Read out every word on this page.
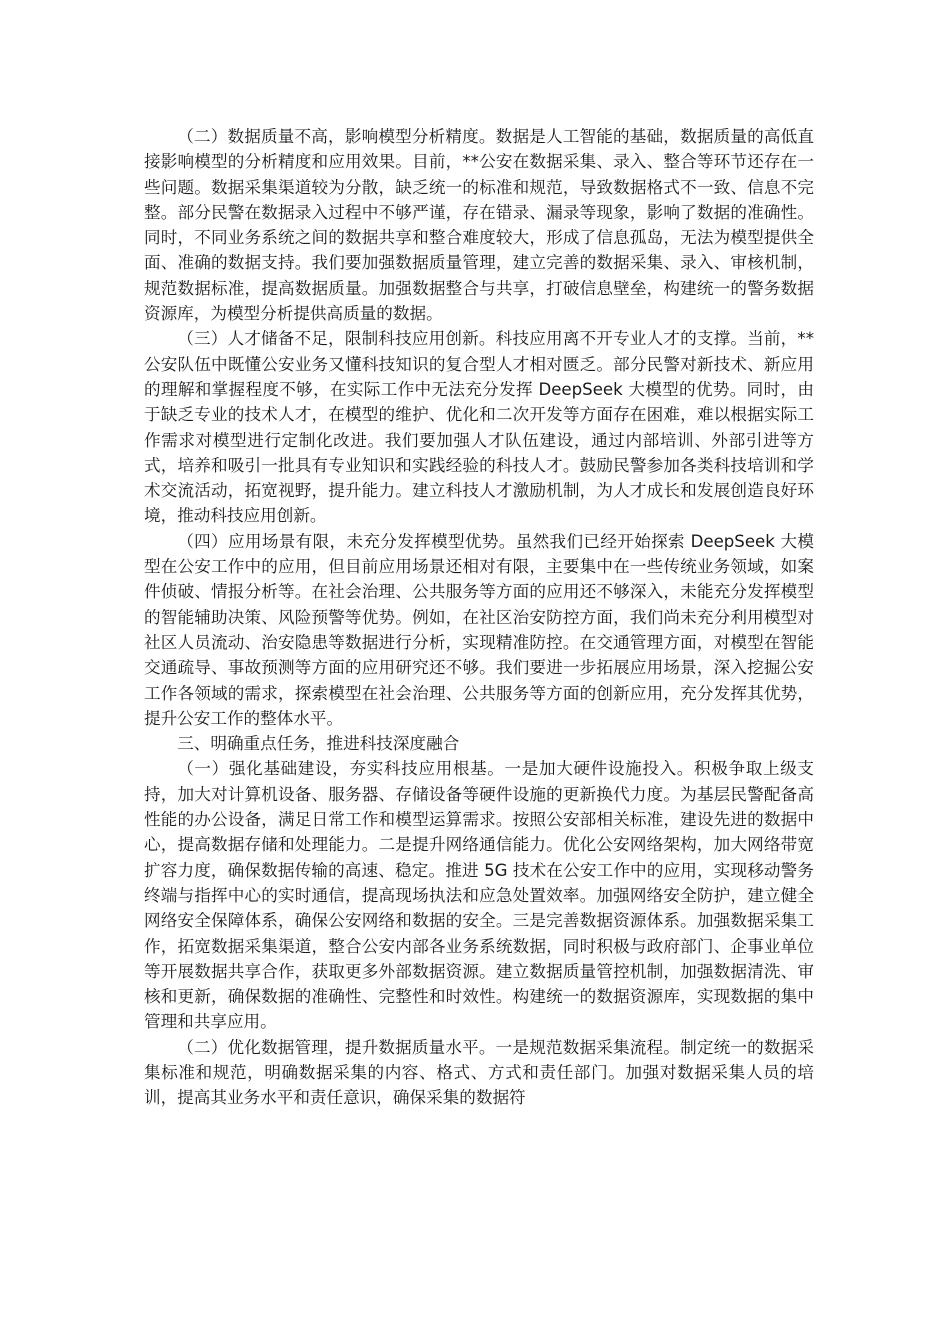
（二）数据质量不高，影响模型分析精度。数据是人工智能的基础，数据质量的高低直接影响模型的分析精度和应用效果。目前，**公安在数据采集、录入、整合等环节还存在一些问题。数据采集渠道较为分散，缺乏统一的标准和规范，导致数据格式不一致、信息不完整。部分民警在数据录入过程中不够严谨，存在错录、漏录等现象，影响了数据的准确性。同时，不同业务系统之间的数据共享和整合难度较大，形成了信息孤岛，无法为模型提供全面、准确的数据支持。我们要加强数据质量管理，建立完善的数据采集、录入、审核机制，规范数据标准，提高数据质量。加强数据整合与共享，打破信息壁垒，构建统一的警务数据资源库，为模型分析提供高质量的数据。

（三）人才储备不足，限制科技应用创新。科技应用离不开专业人才的支撑。当前，**公安队伍中既懂公安业务又懂科技知识的复合型人才相对匮乏。部分民警对新技术、新应用的理解和掌握程度不够，在实际工作中无法充分发挥 DeepSeek 大模型的优势。同时，由于缺乏专业的技术人才，在模型的维护、优化和二次开发等方面存在困难，难以根据实际工作需求对模型进行定制化改进。我们要加强人才队伍建设，通过内部培训、外部引进等方式，培养和吸引一批具有专业知识和实践经验的科技人才。鼓励民警参加各类科技培训和学术交流活动，拓宽视野，提升能力。建立科技人才激励机制，为人才成长和发展创造良好环境，推动科技应用创新。

（四）应用场景有限，未充分发挥模型优势。虽然我们已经开始探索 DeepSeek 大模型在公安工作中的应用，但目前应用场景还相对有限，主要集中在一些传统业务领域，如案件侦破、情报分析等。在社会治理、公共服务等方面的应用还不够深入，未能充分发挥模型的智能辅助决策、风险预警等优势。例如，在社区治安防控方面，我们尚未充分利用模型对社区人员流动、治安隐患等数据进行分析，实现精准防控。在交通管理方面，对模型在智能交通疏导、事故预测等方面的应用研究还不够。我们要进一步拓展应用场景，深入挖掘公安工作各领域的需求，探索模型在社会治理、公共服务等方面的创新应用，充分发挥其优势，提升公安工作的整体水平。

三、明确重点任务，推进科技深度融合

（一）强化基础建设，夯实科技应用根基。一是加大硬件设施投入。积极争取上级支持，加大对计算机设备、服务器、存储设备等硬件设施的更新换代力度。为基层民警配备高性能的办公设备，满足日常工作和模型运算需求。按照公安部相关标准，建设先进的数据中心，提高数据存储和处理能力。二是提升网络通信能力。优化公安网络架构，加大网络带宽扩容力度，确保数据传输的高速、稳定。推进 5G 技术在公安工作中的应用，实现移动警务终端与指挥中心的实时通信，提高现场执法和应急处置效率。加强网络安全防护，建立健全网络安全保障体系，确保公安网络和数据的安全。三是完善数据资源体系。加强数据采集工作，拓宽数据采集渠道，整合公安内部各业务系统数据，同时积极与政府部门、企事业单位等开展数据共享合作，获取更多外部数据资源。建立数据质量管控机制，加强数据清洗、审核和更新，确保数据的准确性、完整性和时效性。构建统一的数据资源库，实现数据的集中管理和共享应用。

（二）优化数据管理，提升数据质量水平。一是规范数据采集流程。制定统一的数据采集标准和规范，明确数据采集的内容、格式、方式和责任部门。加强对数据采集人员的培训，提高其业务水平和责任意识，确保采集的数据符
